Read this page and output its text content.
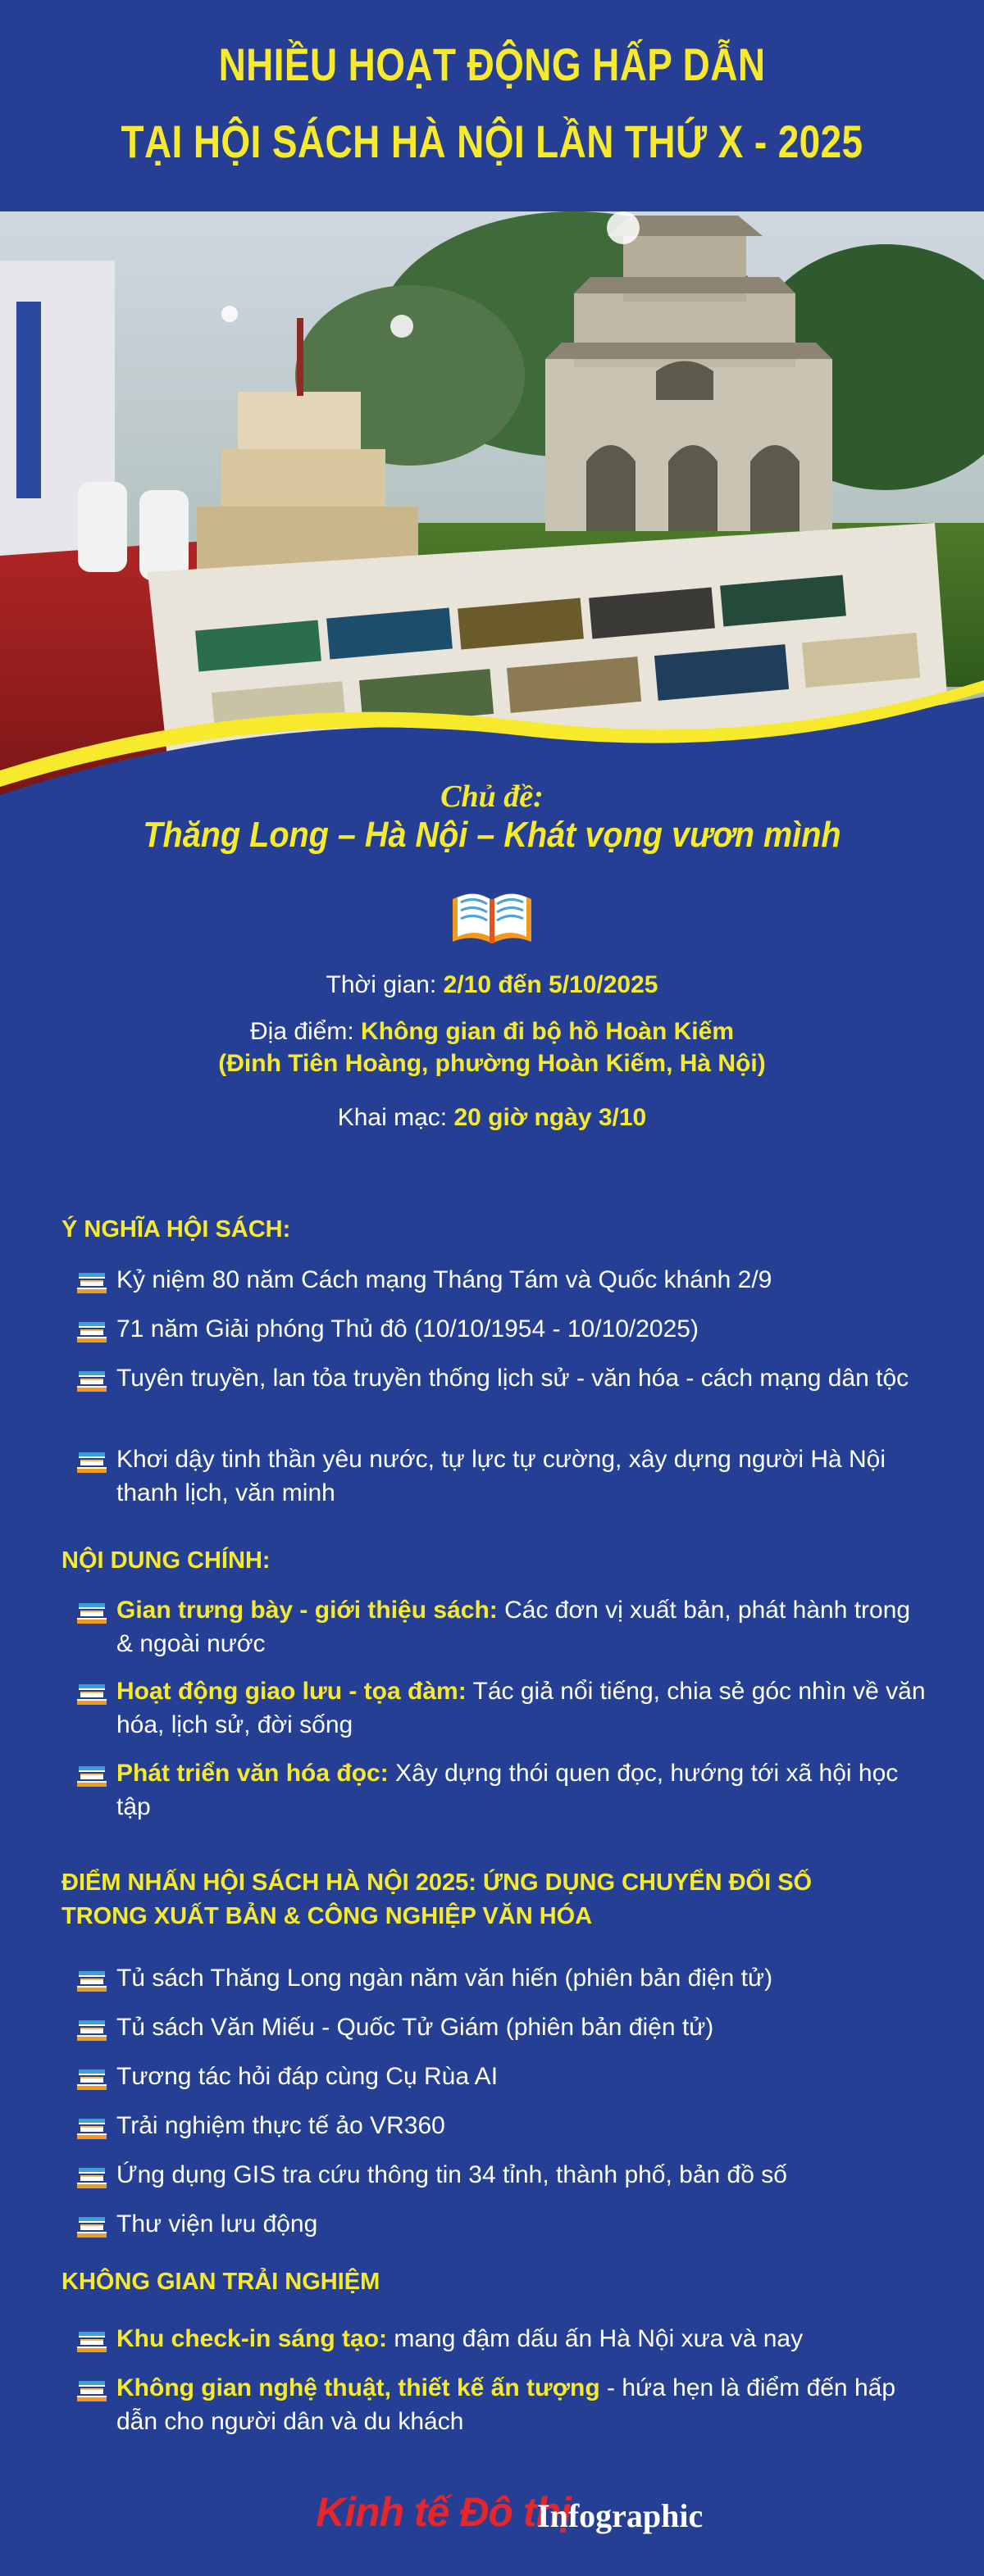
NHIỀU HOẠT ĐỘNG HẤP DẪN
TẠI HỘI SÁCH HÀ NỘI LẦN THỨ X - 2025
Chủ đề:
Thăng Long – Hà Nội – Khát vọng vươn mình
Thời gian: 2/10 đến 5/10/2025
Địa điểm: Không gian đi bộ hồ Hoàn Kiếm
(Đinh Tiên Hoàng, phường Hoàn Kiếm, Hà Nội)
Khai mạc: 20 giờ ngày 3/10
Ý NGHĨA HỘI SÁCH:
Kỷ niệm 80 năm Cách mạng Tháng Tám và Quốc khánh 2/9
71 năm Giải phóng Thủ đô (10/10/1954 - 10/10/2025)
Tuyên truyền, lan tỏa truyền thống lịch sử - văn hóa - cách mạng dân tộc
Khơi dậy tinh thần yêu nước, tự lực tự cường, xây dựng người Hà Nội thanh lịch, văn minh
NỘI DUNG CHÍNH:
Gian trưng bày - giới thiệu sách: Các đơn vị xuất bản, phát hành trong & ngoài nước
Hoạt động giao lưu - tọa đàm: Tác giả nổi tiếng, chia sẻ góc nhìn về văn hóa, lịch sử, đời sống
Phát triển văn hóa đọc: Xây dựng thói quen đọc, hướng tới xã hội học tập
ĐIỂM NHẤN HỘI SÁCH HÀ NỘI 2025: ỨNG DỤNG CHUYỂN ĐỔI SỐ
TRONG XUẤT BẢN & CÔNG NGHIỆP VĂN HÓA
Tủ sách Thăng Long ngàn năm văn hiến (phiên bản điện tử)
Tủ sách Văn Miếu - Quốc Tử Giám (phiên bản điện tử)
Tương tác hỏi đáp cùng Cụ Rùa AI
Trải nghiệm thực tế ảo VR360
Ứng dụng GIS tra cứu thông tin 34 tỉnh, thành phố, bản đồ số
Thư viện lưu động
KHÔNG GIAN TRẢI NGHIỆM
Khu check-in sáng tạo: mang đậm dấu ấn Hà Nội xưa và nay
Không gian nghệ thuật, thiết kế ấn tượng - hứa hẹn là điểm đến hấp dẫn cho người dân và du khách
Kinh tế Đô thị
Infographic
